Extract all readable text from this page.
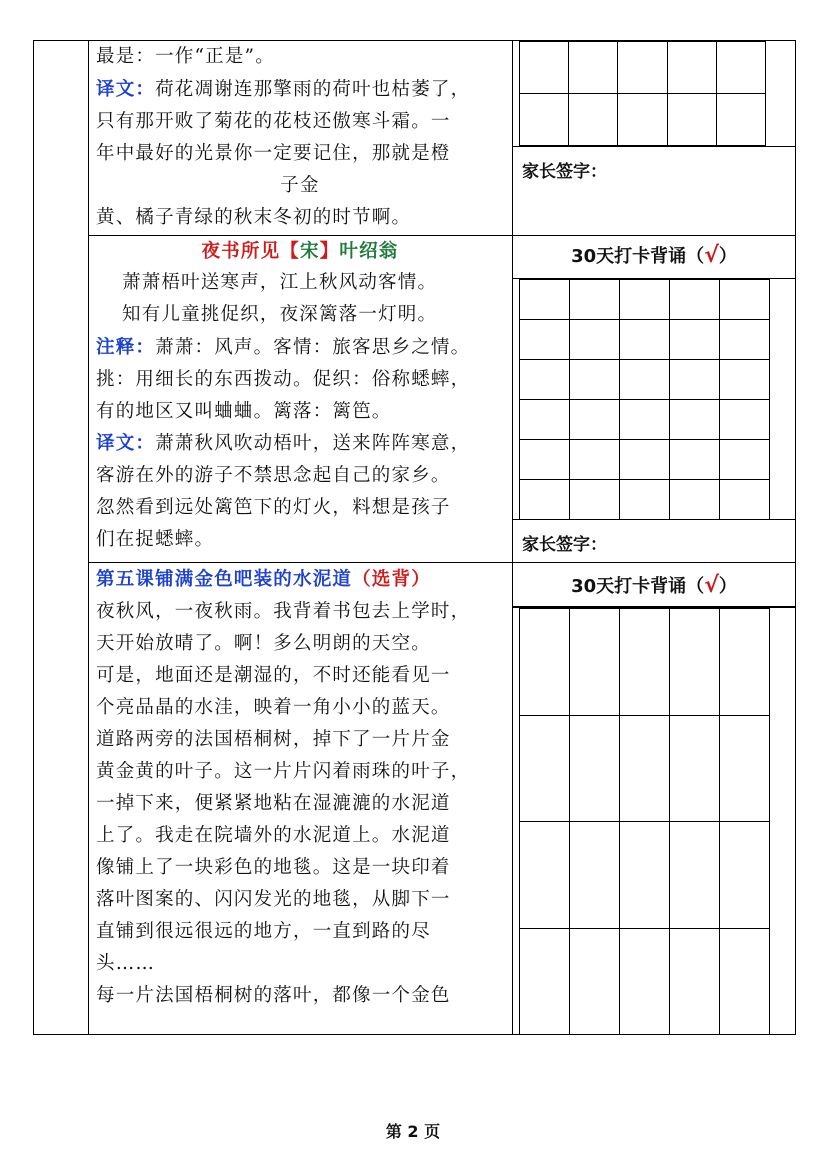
最是：一作“正是”。
译文：荷花凋谢连那擎雨的荷叶也枯萎了，
只有那开败了菊花的花枝还傲寒斗霜。一
年中最好的光景你一定要记住，那就是橙
子金
黄、橘子青绿的秋末冬初的时节啊。
夜书所见【宋】叶绍翁
萧萧梧叶送寒声，江上秋风动客情。
知有儿童挑促织，夜深篱落一灯明。
注释：萧萧：风声。客情：旅客思乡之情。
挑：用细长的东西拨动。促织：俗称蟋蟀，
有的地区又叫蛐蛐。篱落：篱笆。
译文：萧萧秋风吹动梧叶，送来阵阵寒意，
客游在外的游子不禁思念起自己的家乡。
忽然看到远处篱笆下的灯火，料想是孩子
们在捉蟋蟀。
第五课铺满金色吧装的水泥道（选背）
夜秋风，一夜秋雨。我背着书包去上学时，
天开始放晴了。啊！多么明朗的天空。
可是，地面还是潮湿的，不时还能看见一
个亮品晶的水洼，映着一角小小的蓝天。
道路两旁的法国梧桐树，掉下了一片片金
黄金黄的叶子。这一片片闪着雨珠的叶子，
一掉下来，便紧紧地粘在湿漉漉的水泥道
上了。我走在院墙外的水泥道上。水泥道
像铺上了一块彩色的地毯。这是一块印着
落叶图案的、闪闪发光的地毯，从脚下一
直铺到很远很远的地方，一直到路的尽
头……
每一片法国梧桐树的落叶，都像一个金色
家长签字：
30天打卡背诵（√）
家长签字：
30天打卡背诵（√）
第 2 页
